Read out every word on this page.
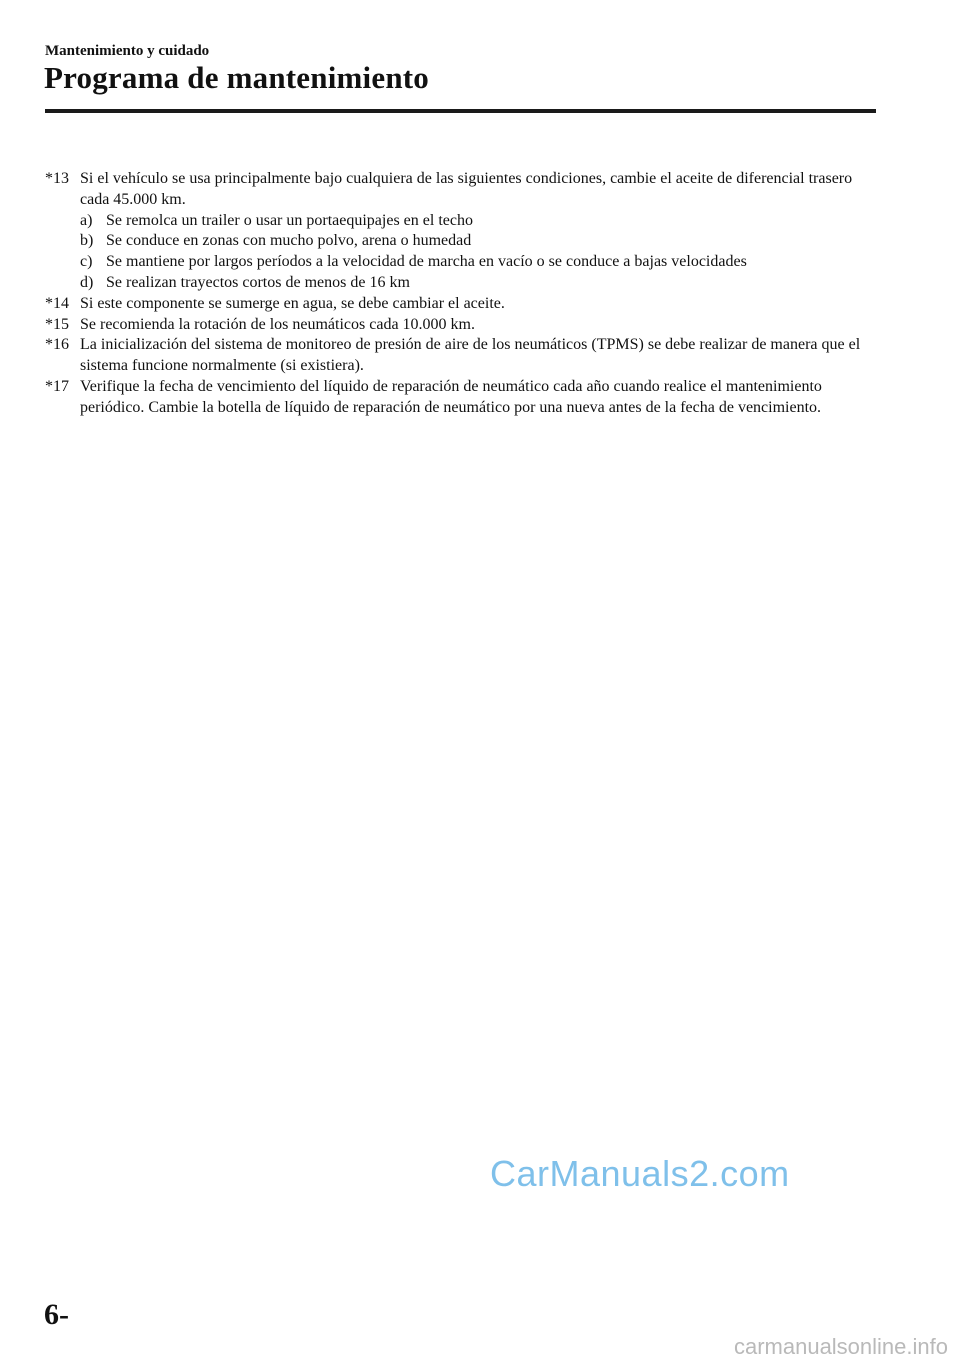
Mantenimiento y cuidado
Programa de mantenimiento
*13 Si el vehículo se usa principalmente bajo cualquiera de las siguientes condiciones, cambie el aceite de diferencial trasero cada 45.000 km.
a) Se remolca un trailer o usar un portaequipajes en el techo
b) Se conduce en zonas con mucho polvo, arena o humedad
c) Se mantiene por largos períodos a la velocidad de marcha en vacío o se conduce a bajas velocidades
d) Se realizan trayectos cortos de menos de 16 km
*14 Si este componente se sumerge en agua, se debe cambiar el aceite.
*15 Se recomienda la rotación de los neumáticos cada 10.000 km.
*16 La inicialización del sistema de monitoreo de presión de aire de los neumáticos (TPMS) se debe realizar de manera que el sistema funcione normalmente (si existiera).
*17 Verifique la fecha de vencimiento del líquido de reparación de neumático cada año cuando realice el mantenimiento periódico. Cambie la botella de líquido de reparación de neumático por una nueva antes de la fecha de vencimiento.
CarManuals2.com
6-
carmanualsonline.info
